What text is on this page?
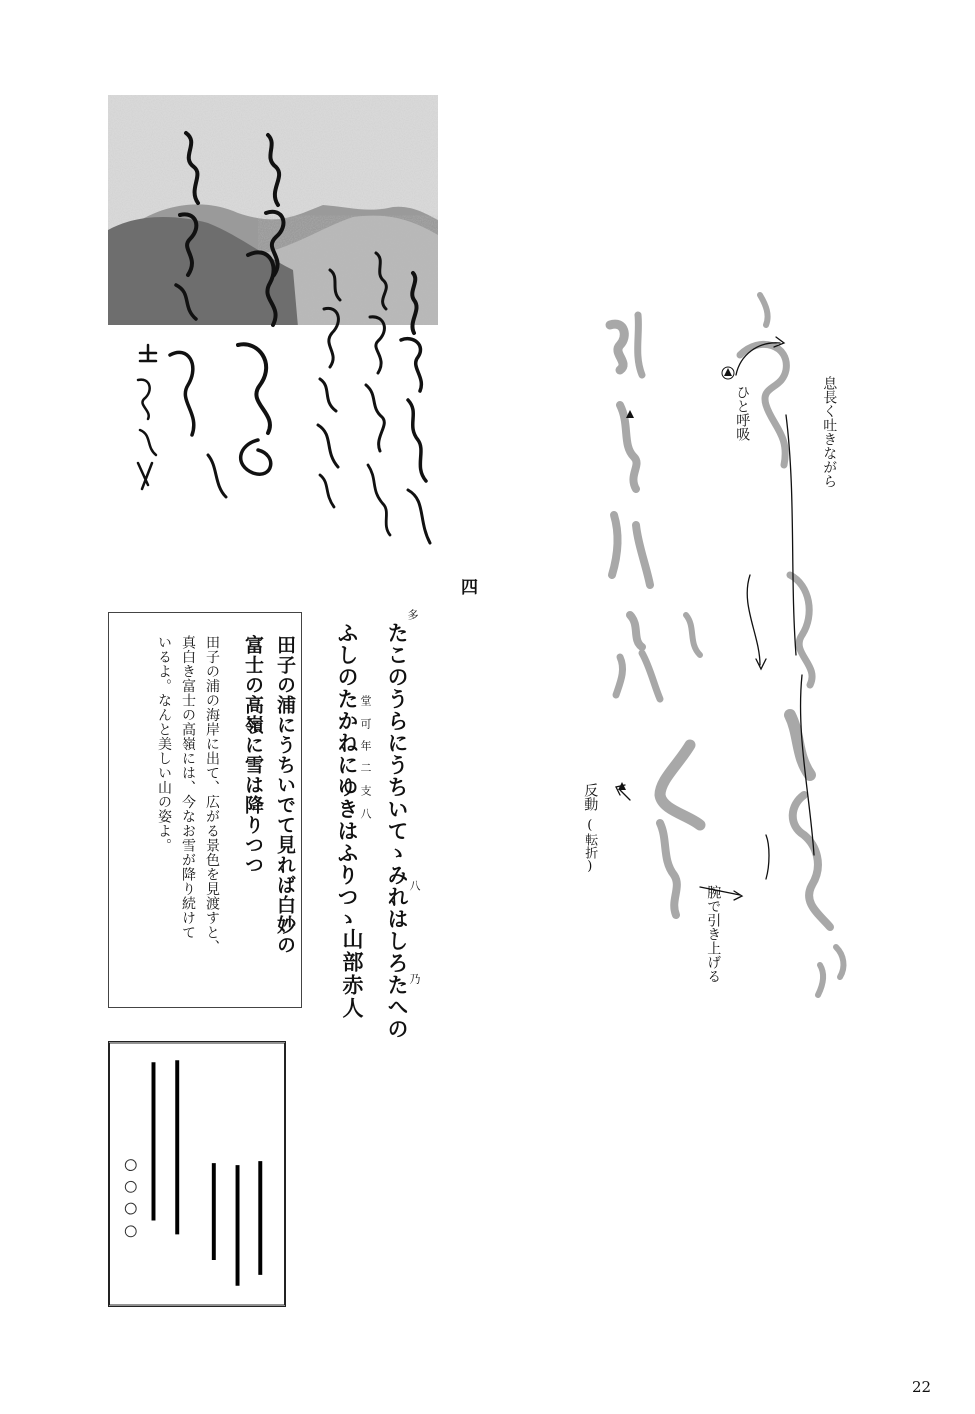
四
たこのうらにうちいてゝみれはしろたへの
ふしのたかねにゆきはふりつゝ
山部赤人
多
八
乃
堂
可
年
二
支
八
田子の浦にうちいでて見れば白妙の
富士の高嶺に雪は降りつつ
田子の浦の海岸に出て、広がる景色を見渡すと、
真白き富士の高嶺には、今なお雪が降り続けて
いるよ。なんと美しい山の姿よ。
息長く吐きながら
ひと呼吸
反動
(転折)
腕で引き上げる
22
